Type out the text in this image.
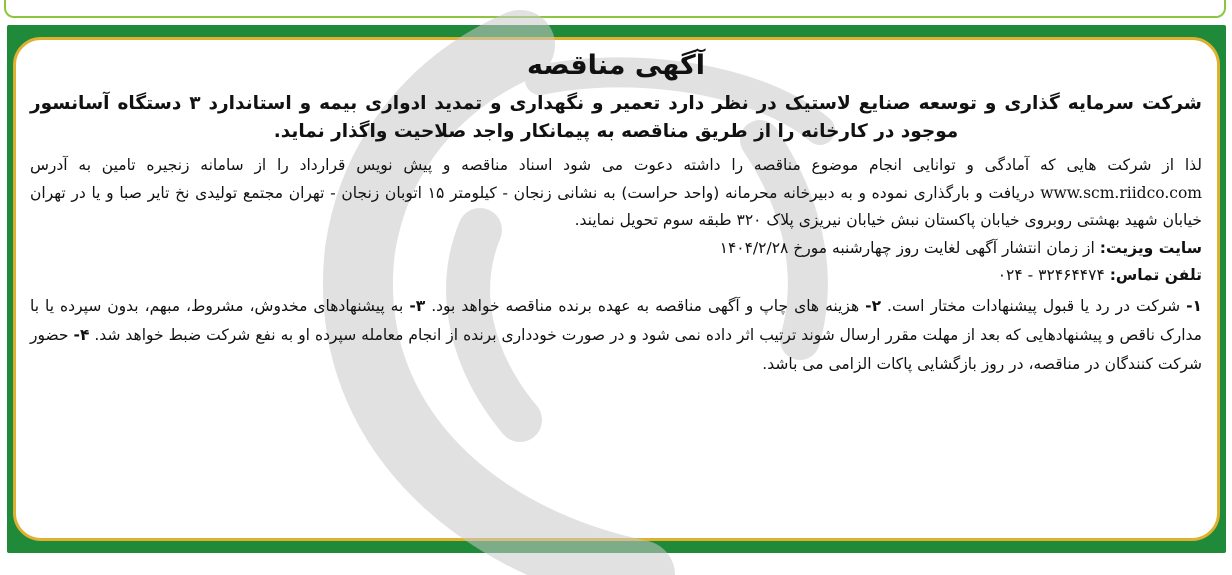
آگهی مناقصه

شرکت سرمایه گذاری و توسعه صنایع لاستیک در نظر دارد تعمیر و نگهداری و تمدید ادواری بیمه و استاندارد ۳ دستگاه آسانسور موجود در کارخانه را از طریق مناقصه به پیمانکار واجد صلاحیت واگذار نماید.

لذا از شرکت هایی که آمادگی و توانایی انجام موضوع مناقصه را داشته دعوت می شود اسناد مناقصه و پیش نویس قرارداد را از سامانه زنجیره تامین به آدرس www.scm.riidco.com دریافت و بارگذاری نموده و به دبیرخانه محرمانه (واحد حراست) به نشانی زنجان - کیلومتر ۱۵ اتوبان زنجان - تهران مجتمع تولیدی نخ تایر صبا و یا در تهران خیابان شهید بهشتی روبروی خیابان پاکستان نبش خیابان نیریزی پلاک ۳۲۰ طبقه سوم تحویل نمایند.

سایت ویزیت: از زمان انتشار آگهی لغایت روز چهارشنبه مورخ ۱۴۰۴/۲/۲۸

تلفن تماس: ۳۲۴۶۴۴۷۴ - ۰۲۴

۱- شرکت در رد یا قبول پیشنهادات مختار است. ۲- هزینه های چاپ و آگهی مناقصه به عهده برنده مناقصه خواهد بود. ۳- به پیشنهادهای مخدوش، مشروط، مبهم، بدون سپرده یا با مدارک ناقص و پیشنهادهایی که بعد از مهلت مقرر ارسال شوند ترتیب اثر داده نمی شود و در صورت خودداری برنده از انجام معامله سپرده او به نفع شرکت ضبط خواهد شد. ۴- حضور شرکت کنندگان در مناقصه، در روز بازگشایی پاکات الزامی می باشد.
